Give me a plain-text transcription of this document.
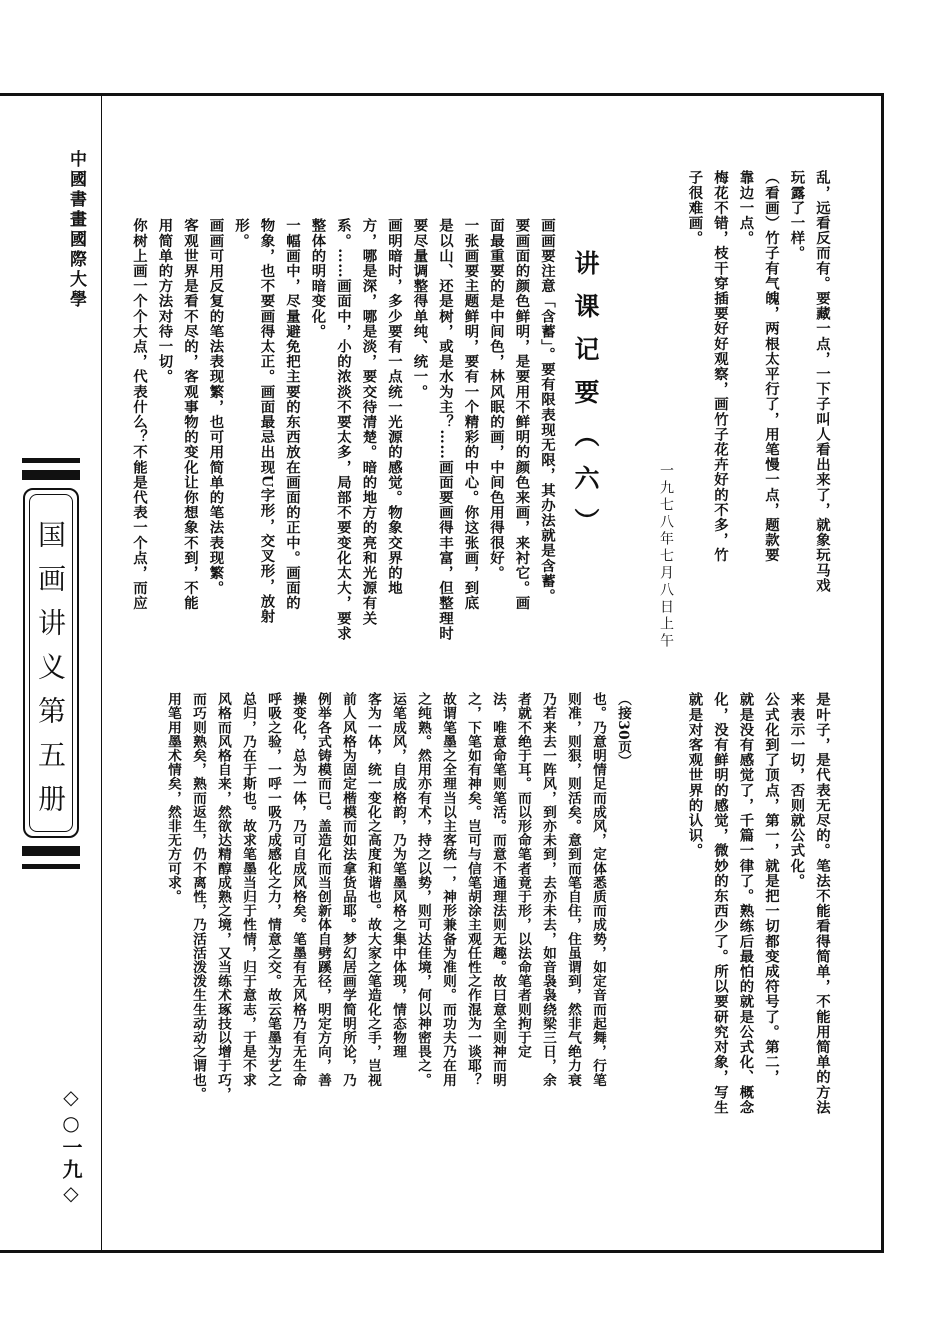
中國書畫國際大學
国画讲义第五册
◇○一九◇

乱，远看反而有。要藏一点，一下子叫人看出来了，就象玩马戏

玩露了一样。

（看画）竹子有气魄，两根太平行了，用笔慢一点，题款要

靠边一点。

梅花不错，枝干穿插要好好观察，画竹子花卉好的不多，竹

子很难画。

一九七八年七月八日上午
讲课记要（六）

画画要注意「含蓄」。要有限表现无限，其办法就是含蓄。

要画面的颜色鲜明，是要用不鲜明的颜色来画，来衬它。画

面最重要的是中间色，林风眠的画，中间色用得很好。

一张画要主题鲜明，要有一个精彩的中心。你这张画，到底

是以山、还是树，或是水为主？……画面要画得丰富，但整理时

要尽量调整得单纯、统一。

画明暗时，多少要有一点统一光源的感觉。物象交界的地

方，哪是深，哪是淡，要交待清楚。暗的地方的亮和光源有关

系。……画面中，小的浓淡不要太多，局部不要变化太大，要求

整体的明暗变化。

一幅画中，尽量避免把主要的东西放在画面的正中。画面的

物象，也不要画得太正。画面最忌出现U字形，交叉形，放射形。

画画可用反复的笔法表现繁，也可用简单的笔法表现繁。

客观世界是看不尽的，客观事物的变化让你想象不到，不能

用简单的方法对待一切。

你树上画一个个大点，代表什么？不能是代表一个点，而应

是叶子，是代表无尽的。笔法不能看得简单，不能用简单的方法

来表示一切，否则就公式化。

公式化到了顶点，第一，就是把一切都变成符号了。第二，

就是没有感觉了，千篇一律了。熟练后最怕的就是公式化、概念

化，没有鲜明的感觉，微妙的东西少了。所以要研究对象，写生

就是对客观世界的认识。

（接30页）

也。乃意明情足而成风，定体悉质而成势，如定音而起舞，行笔

则准，则狠，则活矣。意到而笔自住，住虽谓到，然非气绝力衰

乃若来去一阵风，到亦未到，去亦未去，如音袅袅绕梁三日，余

者就不绝于耳。而以形命笔者竟于形，以法命笔者则拘于定

法，唯意命笔则笔活。而意不通理法则无趣。故曰意全则神而明

之，下笔如有神矣。岂可与信笔胡涂主观任性之作混为一谈耶？

故谓笔墨之全理当以主客统一，神形兼备为准则。而功夫乃在用

之纯熟。然用亦有术，持之以势，则可达佳境，何以神密畏之。

运笔成风，自成格韵，乃为笔墨风格之集中体现，情态物理

客为一体，统一变化之高度和谐也。故大家之笔造化之手，岂视

前人风格为固定楷模而如法拿货品耶。梦幻居画学简明所论，乃

例举各式铸模而已。盖造化而当创新体自劈蹊径，明定方向，善

操变化，总为一体，乃可自成风格矣。笔墨有无风格乃有无生命

呼吸之验，一呼一吸乃成感化之力，情意之交。故云笔墨为艺之

总归，乃在于斯也。故求笔墨当归于性情，归于意志，于是不求

风格而风格自来，然欲达精醇成熟之境，又当练术琢技以增于巧，

而巧则熟矣，熟而返生，仍不离性，乃活活泼泼生生动动之谓也。

用笔用墨术情矣，然非无方可求。
